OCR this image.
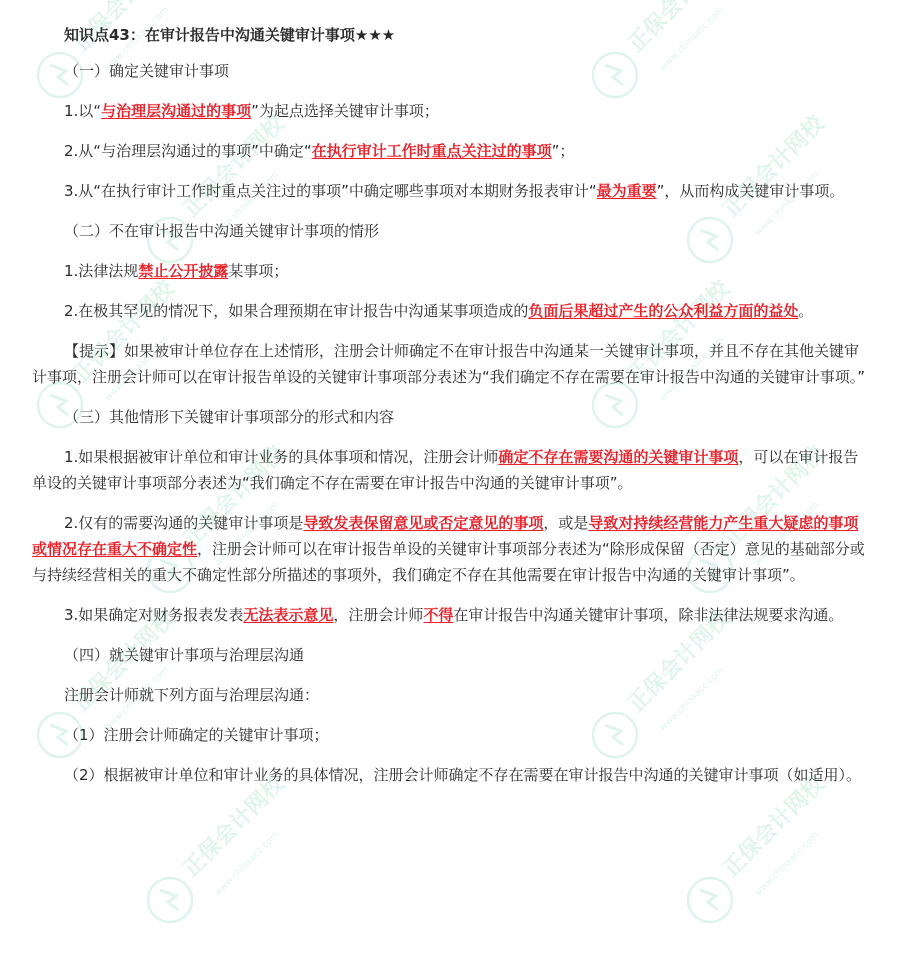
知识点43：在审计报告中沟通关键审计事项★★★

（一）确定关键审计事项

1.以“与治理层沟通过的事项”为起点选择关键审计事项；

2.从“与治理层沟通过的事项”中确定“在执行审计工作时重点关注过的事项”；

3.从“在执行审计工作时重点关注过的事项”中确定哪些事项对本期财务报表审计“最为重要”，从而构成关键审计事项。

（二）不在审计报告中沟通关键审计事项的情形

1.法律法规禁止公开披露某事项；

2.在极其罕见的情况下，如果合理预期在审计报告中沟通某事项造成的负面后果超过产生的公众利益方面的益处。

【提示】如果被审计单位存在上述情形，注册会计师确定不在审计报告中沟通某一关键审计事项，并且不存在其他关键审计事项，注册会计师可以在审计报告单设的关键审计事项部分表述为“我们确定不存在需要在审计报告中沟通的关键审计事项。”

（三）其他情形下关键审计事项部分的形式和内容

1.如果根据被审计单位和审计业务的具体事项和情况，注册会计师确定不存在需要沟通的关键审计事项，可以在审计报告单设的关键审计事项部分表述为“我们确定不存在需要在审计报告中沟通的关键审计事项”。

2.仅有的需要沟通的关键审计事项是导致发表保留意见或否定意见的事项，或是导致对持续经营能力产生重大疑虑的事项或情况存在重大不确定性，注册会计师可以在审计报告单设的关键审计事项部分表述为“除形成保留（否定）意见的基础部分或与持续经营相关的重大不确定性部分所描述的事项外，我们确定不存在其他需要在审计报告中沟通的关键审计事项”。

3.如果确定对财务报表发表无法表示意见，注册会计师不得在审计报告中沟通关键审计事项，除非法律法规要求沟通。

（四）就关键审计事项与治理层沟通

注册会计师就下列方面与治理层沟通：

（1）注册会计师确定的关键审计事项；

（2）根据被审计单位和审计业务的具体情况，注册会计师确定不存在需要在审计报告中沟通的关键审计事项（如适用）。
